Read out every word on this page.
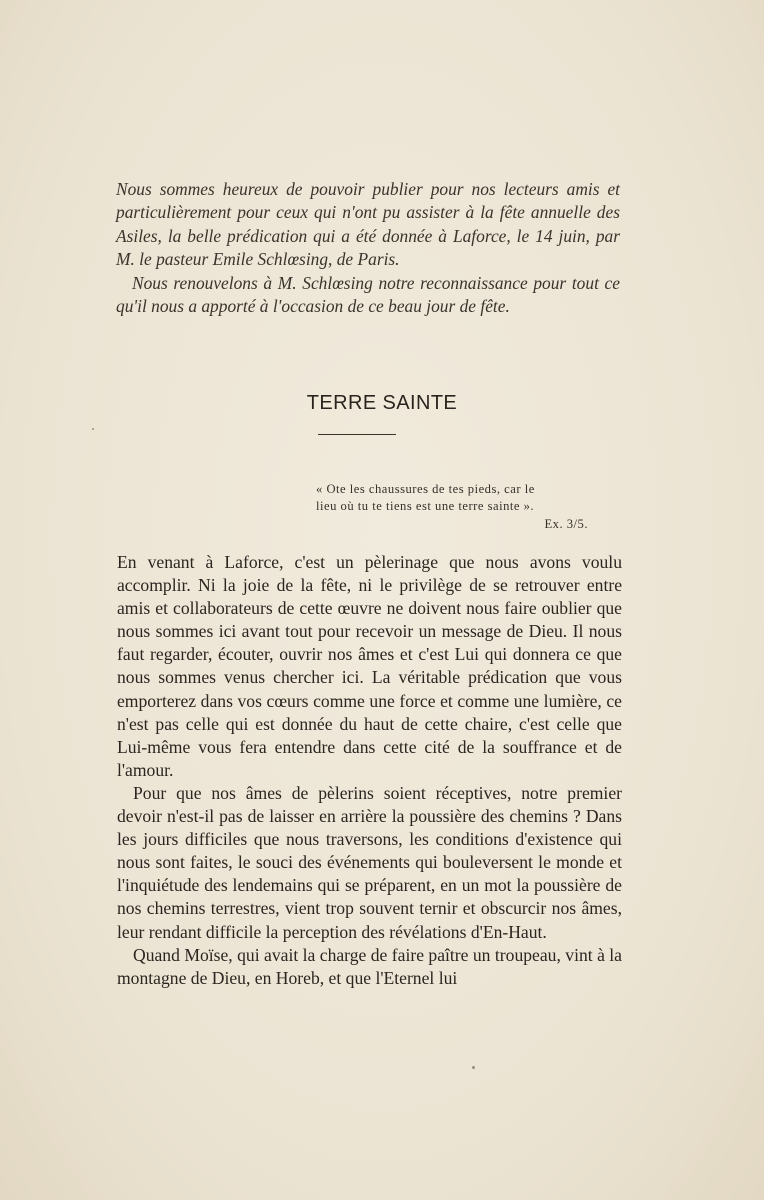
Nous sommes heureux de pouvoir publier pour nos lecteurs amis et particulièrement pour ceux qui n'ont pu assister à la fête annuelle des Asiles, la belle prédication qui a été donnée à Laforce, le 14 juin, par M. le pasteur Emile Schlœsing, de Paris.

Nous renouvelons à M. Schlœsing notre reconnaissance pour tout ce qu'il nous a apporté à l'occasion de ce beau jour de fête.

TERRE SAINTE
« Ote les chaussures de tes pieds, car le
lieu où tu te tiens est une terre sainte ».
Ex. 3/5.

En venant à Laforce, c'est un pèlerinage que nous avons voulu accomplir. Ni la joie de la fête, ni le privilège de se retrouver entre amis et collaborateurs de cette œuvre ne doivent nous faire oublier que nous sommes ici avant tout pour recevoir un message de Dieu. Il nous faut regarder, écouter, ouvrir nos âmes et c'est Lui qui donnera ce que nous sommes venus chercher ici. La véritable prédication que vous emporterez dans vos cœurs comme une force et comme une lumière, ce n'est pas celle qui est donnée du haut de cette chaire, c'est celle que Lui-même vous fera entendre dans cette cité de la souffrance et de l'amour.

Pour que nos âmes de pèlerins soient réceptives, notre premier devoir n'est-il pas de laisser en arrière la poussière des chemins ? Dans les jours difficiles que nous traversons, les conditions d'existence qui nous sont faites, le souci des événements qui bouleversent le monde et l'inquiétude des lendemains qui se préparent, en un mot la poussière de nos chemins terrestres, vient trop souvent ternir et obscurcir nos âmes, leur rendant difficile la perception des révélations d'En-Haut.

Quand Moïse, qui avait la charge de faire paître un troupeau, vint à la montagne de Dieu, en Horeb, et que l'Eternel lui
